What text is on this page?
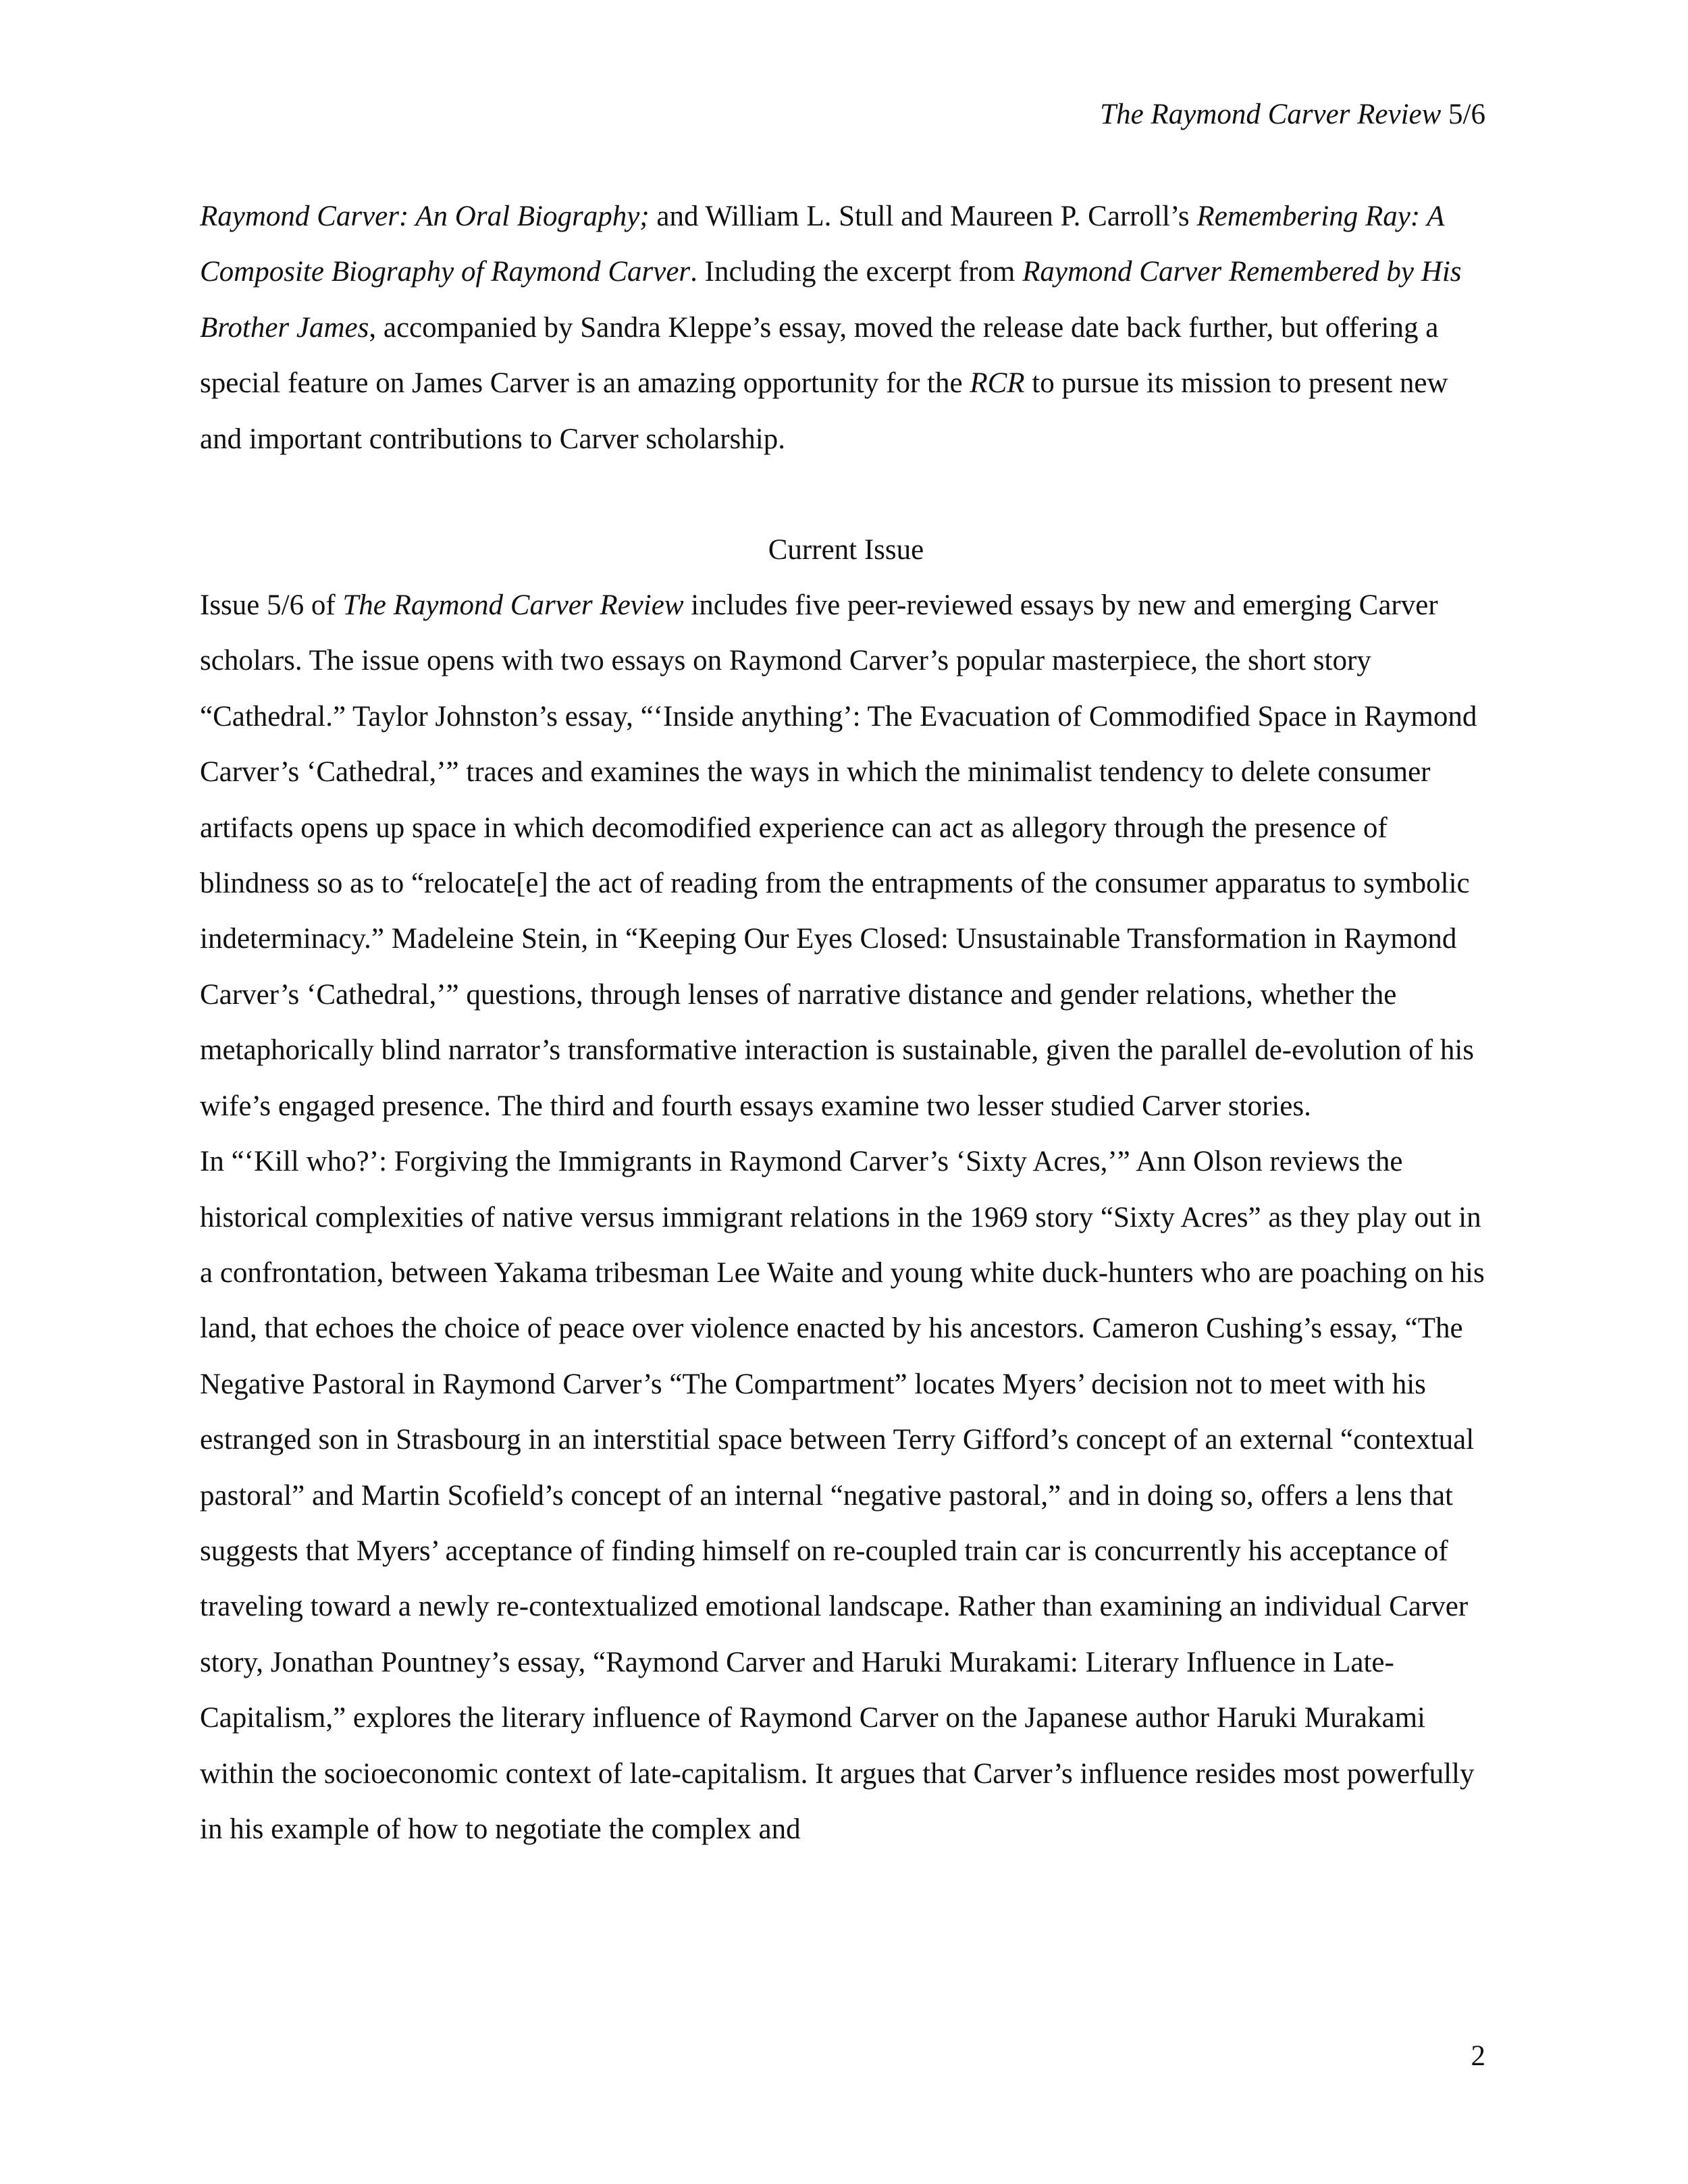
The Raymond Carver Review 5/6

Raymond Carver: An Oral Biography; and William L. Stull and Maureen P. Carroll’s Remembering Ray: A Composite Biography of Raymond Carver. Including the excerpt from Raymond Carver Remembered by His Brother James, accompanied by Sandra Kleppe’s essay, moved the release date back further, but offering a special feature on James Carver is an amazing opportunity for the RCR to pursue its mission to present new and important contributions to Carver scholarship.

Current Issue

Issue 5/6 of The Raymond Carver Review includes five peer-reviewed essays by new and emerging Carver scholars. The issue opens with two essays on Raymond Carver’s popular masterpiece, the short story “Cathedral.” Taylor Johnston’s essay, “‘Inside anything’: The Evacuation of Commodified Space in Raymond Carver’s ‘Cathedral,’” traces and examines the ways in which the minimalist tendency to delete consumer artifacts opens up space in which decomodified experience can act as allegory through the presence of blindness so as to “relocate[e] the act of reading from the entrapments of the consumer apparatus to symbolic indeterminacy.” Madeleine Stein, in “Keeping Our Eyes Closed: Unsustainable Transformation in Raymond Carver’s ‘Cathedral,’” questions, through lenses of narrative distance and gender relations, whether the metaphorically blind narrator’s transformative interaction is sustainable, given the parallel de-evolution of his wife’s engaged presence. The third and fourth essays examine two lesser studied Carver stories.

In “‘Kill who?’: Forgiving the Immigrants in Raymond Carver’s ‘Sixty Acres,’” Ann Olson reviews the historical complexities of native versus immigrant relations in the 1969 story “Sixty Acres” as they play out in a confrontation, between Yakama tribesman Lee Waite and young white duck-hunters who are poaching on his land, that echoes the choice of peace over violence enacted by his ancestors. Cameron Cushing’s essay, “The Negative Pastoral in Raymond Carver’s “The Compartment” locates Myers’ decision not to meet with his estranged son in Strasbourg in an interstitial space between Terry Gifford’s concept of an external “contextual pastoral” and Martin Scofield’s concept of an internal “negative pastoral,” and in doing so, offers a lens that suggests that Myers’ acceptance of finding himself on re-coupled train car is concurrently his acceptance of traveling toward a newly re-contextualized emotional landscape. Rather than examining an individual Carver story, Jonathan Pountney’s essay, “Raymond Carver and Haruki Murakami: Literary Influence in Late-Capitalism,” explores the literary influence of Raymond Carver on the Japanese author Haruki Murakami within the socioeconomic context of late-capitalism. It argues that Carver’s influence resides most powerfully in his example of how to negotiate the complex and

2
